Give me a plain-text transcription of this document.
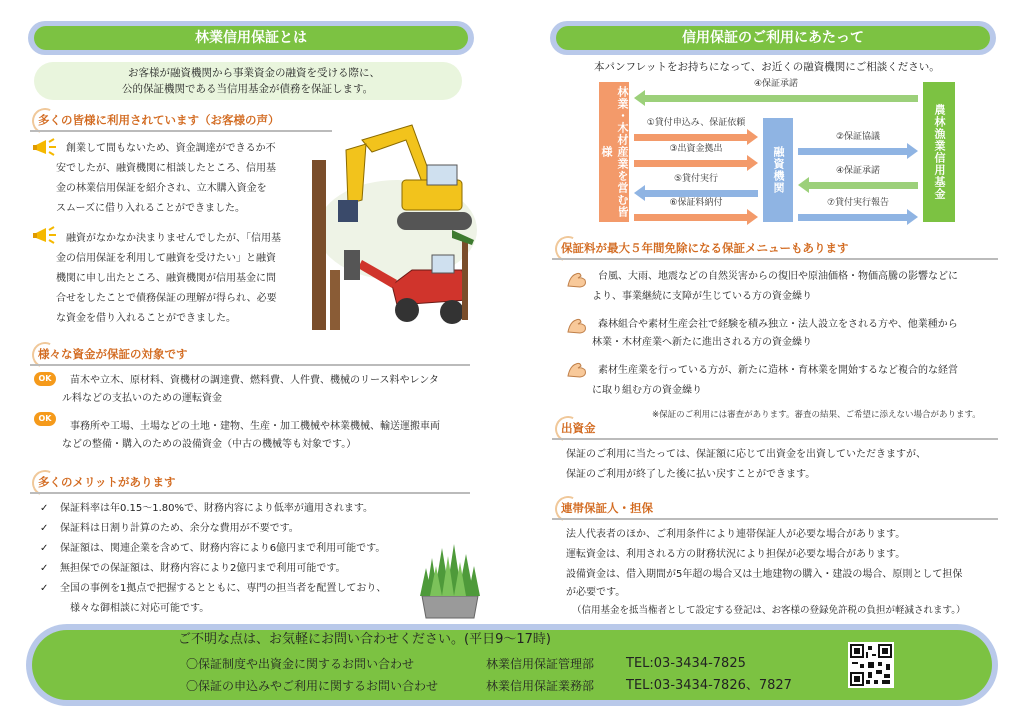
林業信用保証とは
お客様が融資機関から事業資金の融資を受ける際に、
公的保証機関である当信用基金が債務を保証します。
多くの皆様に利用されています（お客様の声）
創業して間もないため、資金調達ができるか不
安でしたが、融資機関に相談したところ、信用基
金の林業信用保証を紹介され、立木購入資金を
スムーズに借り入れることができました。
融資がなかなか決まりませんでしたが、「信用基
金の信用保証を利用して融資を受けたい」と融資
機関に申し出たところ、融資機関が信用基金に問
合せをしたことで債務保証の理解が得られ、必要
な資金を借り入れることができました。
様々な資金が保証の対象です
OK	苗木や立木、原材料、資機材の調達費、燃料費、人件費、機械のリース料やレンタ
ル料などの支払いのための運転資金
OK
事務所や工場、土場などの土地・建物、生産・加工機械や林業機械、輸送運搬車両
などの整備・購入のための設備資金（中古の機械等も対象です。）
多くのメリットがあります
✓ 保証料率は年0.15～1.80%で、財務内容により低率が適用されます。
✓ 保証料は日割り計算のため、余分な費用が不要です。
✓ 保証額は、関連企業を含めて、財務内容により6億円まで利用可能です。
✓ 無担保での保証額は、財務内容により2億円まで利用可能です。
✓ 全国の事例を1拠点で把握するとともに、専門の担当者を配置しており、
様々な御相談に対応可能です。
信用保証のご利用にあたって
本パンフレットをお持ちになって、お近くの融資機関にご相談ください。
林業・木材産業を営む皆様	融資機関	農林漁業信用基金
④保証承諾
①貸付申込み、保証依頼
③出資金拠出
⑤貸付実行
⑥保証料納付
②保証協議
④保証承諾
⑦貸付実行報告
保証料が最大５年間免除になる保証メニューもあります
台風、大雨、地震などの自然災害からの復旧や原油価格・物価高騰の影響などに
より、事業継続に支障が生じている方の資金繰り
森林組合や素材生産会社で経験を積み独立・法人設立をされる方や、他業種から
林業・木材産業へ新たに進出される方の資金繰り
素材生産業を行っている方が、新たに造林・育林業を開始するなど複合的な経営
に取り組む方の資金繰り
※保証のご利用には審査があります。審査の結果、ご希望に添えない場合があります。
出資金
保証のご利用に当たっては、保証額に応じて出資金を出資していただきますが、
保証のご利用が終了した後に払い戻すことができます。
連帯保証人・担保
法人代表者のほか、ご利用条件により連帯保証人が必要な場合があります。
運転資金は、利用される方の財務状況により担保が必要な場合があります。
設備資金は、借入期間が5年超の場合又は土地建物の購入・建設の場合、原則として担保
が必要です。
（信用基金を抵当権者として設定する登記は、お客様の登録免許税の負担が軽減されます。）
ご不明な点は、お気軽にお問い合わせください。(平日9～17時)
〇保証制度や出資金に関するお問い合わせ	林業信用保証管理部 TEL:03-3434-7825
〇保証の申込みやご利用に関するお問い合わせ	林業信用保証業務部 TEL:03-3434-7826、7827
